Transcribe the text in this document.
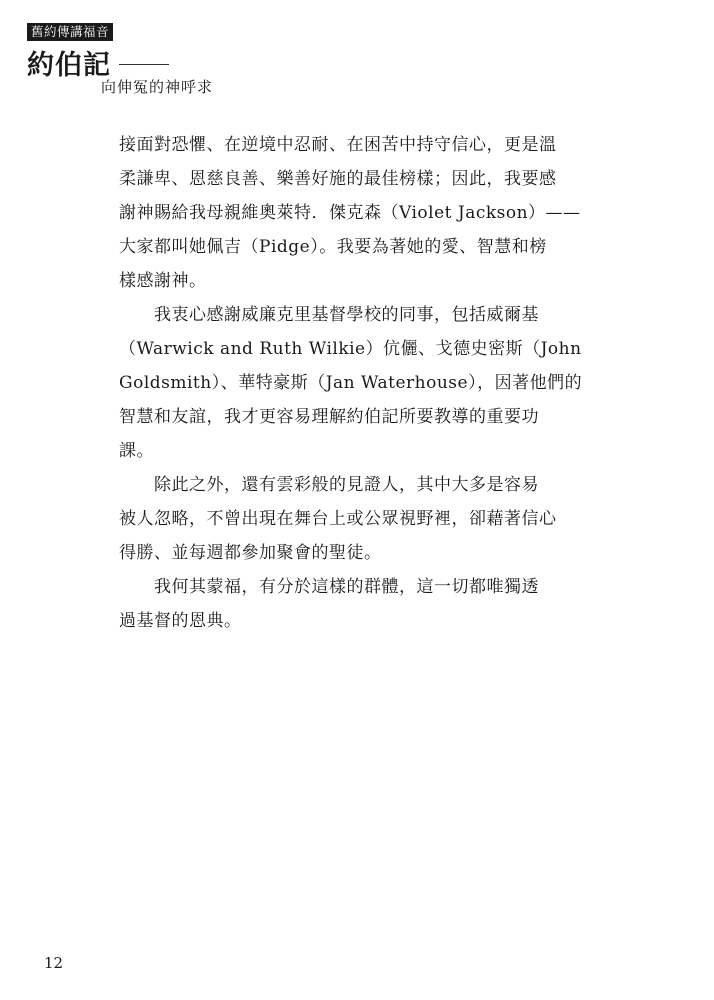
舊約傳講福音
約伯記
向伸冤的神呼求
接面對恐懼、在逆境中忍耐、在困苦中持守信心，更是溫
柔謙卑、恩慈良善、樂善好施的最佳榜樣；因此，我要感
謝神賜給我母親維奧萊特．傑克森（Violet Jackson）——
大家都叫她佩吉（Pidge）。我要為著她的愛、智慧和榜
樣感謝神。
　　我衷心感謝威廉克里基督學校的同事，包括威爾基
（Warwick and Ruth Wilkie）伉儷、戈德史密斯（John
Goldsmith）、華特豪斯（Jan Waterhouse），因著他們的
智慧和友誼，我才更容易理解約伯記所要教導的重要功
課。
　　除此之外，還有雲彩般的見證人，其中大多是容易
被人忽略，不曾出現在舞台上或公眾視野裡，卻藉著信心
得勝、並每週都參加聚會的聖徒。
　　我何其蒙福，有分於這樣的群體，這一切都唯獨透
過基督的恩典。
12
